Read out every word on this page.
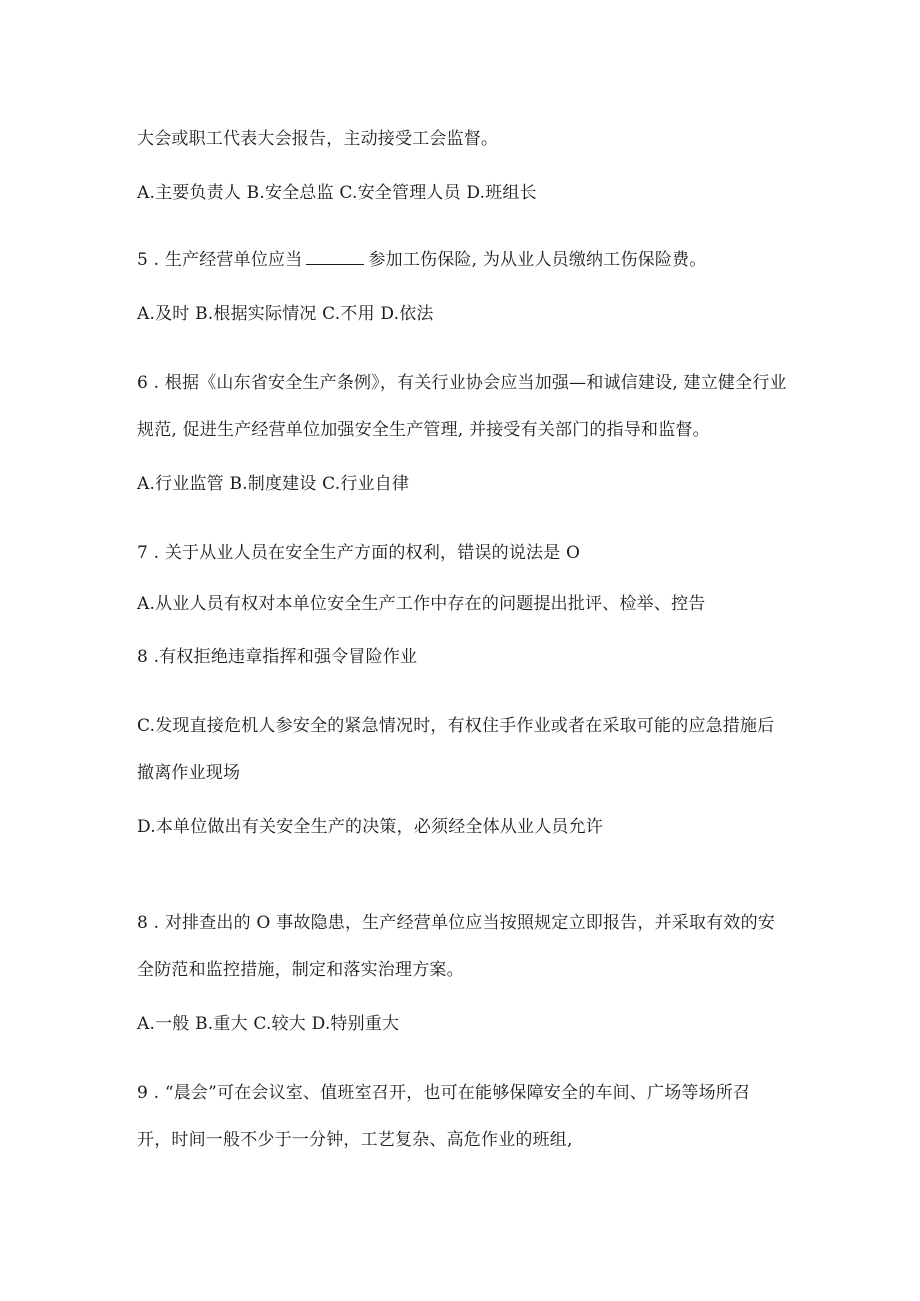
大会或职工代表大会报告，主动接受工会监督。
A.主要负责人 B.安全总监 C.安全管理人员 D.班组长
5 . 生产经营单位应当	参加工伤保险, 为从业人员缴纳工伤保险费。
A.及时 B.根据实际情况 C.不用 D.依法
6 . 根据《山东省安全生产条例》，有关行业协会应当加强—和诚信建设, 建立健全行业
规范, 促进生产经营单位加强安全生产管理, 并接受有关部门的指导和监督。
A.行业监管 B.制度建设 C.行业自律
7 . 关于从业人员在安全生产方面的权利，错误的说法是 O
A.从业人员有权对本单位安全生产工作中存在的问题提出批评、检举、控告
8 .有权拒绝违章指挥和强令冒险作业
C.发现直接危机人参安全的紧急情况时，有权住手作业或者在采取可能的应急措施后
撤离作业现场
D.本单位做出有关安全生产的决策，必须经全体从业人员允许
8 . 对排查出的 O 事故隐患，生产经营单位应当按照规定立即报告，并采取有效的安
全防范和监控措施，制定和落实治理方案。
A.一般 B.重大 C.较大 D.特别重大
9 . “晨会”可在会议室、值班室召开，也可在能够保障安全的车间、广场等场所召
开，时间一般不少于一分钟，工艺复杂、高危作业的班组,
